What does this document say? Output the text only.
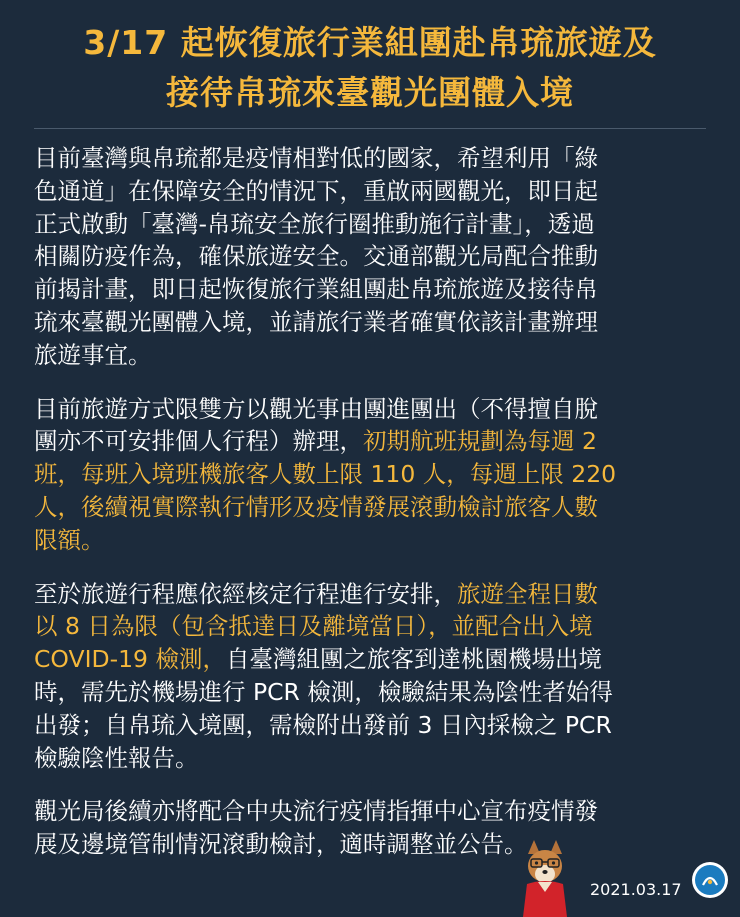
3/17 起恢復旅行業組團赴帛琉旅遊及
接待帛琉來臺觀光團體入境
目前臺灣與帛琉都是疫情相對低的國家，希望利用「綠
色通道」在保障安全的情況下，重啟兩國觀光，即日起
正式啟動「臺灣-帛琉安全旅行圈推動施行計畫」，透過
相關防疫作為，確保旅遊安全。交通部觀光局配合推動
前揭計畫，即日起恢復旅行業組團赴帛琉旅遊及接待帛
琉來臺觀光團體入境，並請旅行業者確實依該計畫辦理
旅遊事宜。
目前旅遊方式限雙方以觀光事由團進團出（不得擅自脫
團亦不可安排個人行程）辦理，初期航班規劃為每週 2
班，每班入境班機旅客人數上限 110 人，每週上限 220
人，後續視實際執行情形及疫情發展滾動檢討旅客人數
限額。
至於旅遊行程應依經核定行程進行安排，旅遊全程日數
以 8 日為限（包含抵達日及離境當日），並配合出入境
COVID-19 檢測，自臺灣組團之旅客到達桃園機場出境
時，需先於機場進行 PCR 檢測，檢驗結果為陰性者始得
出發；自帛琉入境團，需檢附出發前 3 日內採檢之 PCR
檢驗陰性報告。
觀光局後續亦將配合中央流行疫情指揮中心宣布疫情發
展及邊境管制情況滾動檢討，適時調整並公告。
2021.03.17
